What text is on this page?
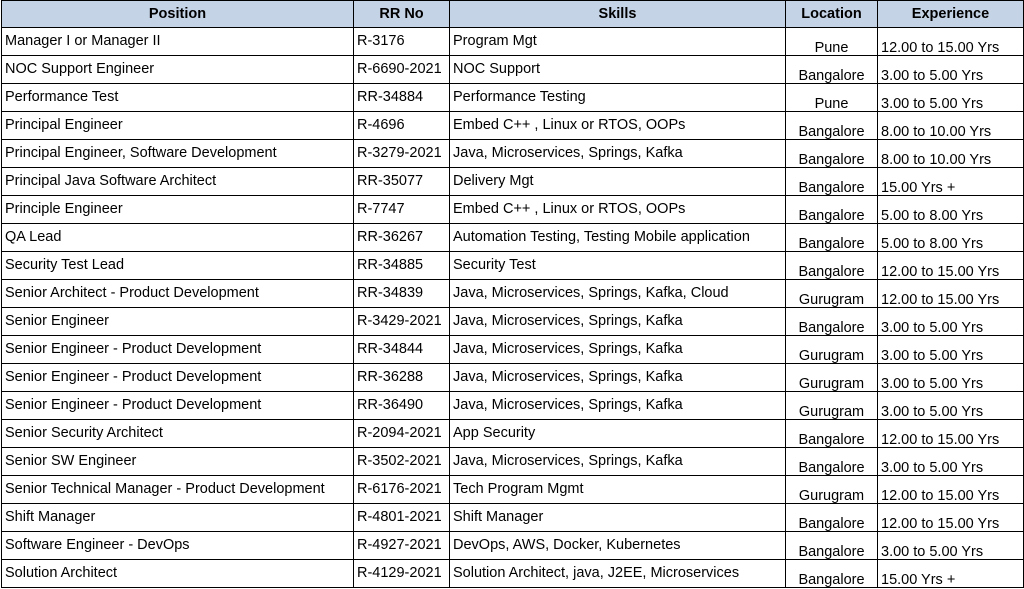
Position	RR No	Skills	Location	Experience
Manager I or Manager II	R-3176	Program Mgt	Pune	12.00 to 15.00 Yrs
NOC Support Engineer	R-6690-2021	NOC Support	Bangalore	3.00 to 5.00 Yrs
Performance Test	RR-34884	Performance Testing	Pune	3.00 to 5.00 Yrs
Principal Engineer	R-4696	Embed C++ , Linux or RTOS, OOPs	Bangalore	8.00 to 10.00 Yrs
Principal Engineer, Software Development	R-3279-2021	Java, Microservices, Springs, Kafka	Bangalore	8.00 to 10.00 Yrs
Principal Java Software Architect	RR-35077	Delivery Mgt	Bangalore	15.00 Yrs +
Principle Engineer	R-7747	Embed C++ , Linux or RTOS, OOPs	Bangalore	5.00 to 8.00 Yrs
QA Lead	RR-36267	Automation Testing, Testing Mobile application	Bangalore	5.00 to 8.00 Yrs
Security Test Lead	RR-34885	Security Test	Bangalore	12.00 to 15.00 Yrs
Senior Architect - Product Development	RR-34839	Java, Microservices, Springs, Kafka, Cloud	Gurugram	12.00 to 15.00 Yrs
Senior Engineer	R-3429-2021	Java, Microservices, Springs, Kafka	Bangalore	3.00 to 5.00 Yrs
Senior Engineer - Product Development	RR-34844	Java, Microservices, Springs, Kafka	Gurugram	3.00 to 5.00 Yrs
Senior Engineer - Product Development	RR-36288	Java, Microservices, Springs, Kafka	Gurugram	3.00 to 5.00 Yrs
Senior Engineer - Product Development	RR-36490	Java, Microservices, Springs, Kafka	Gurugram	3.00 to 5.00 Yrs
Senior Security Architect	R-2094-2021	App Security	Bangalore	12.00 to 15.00 Yrs
Senior SW Engineer	R-3502-2021	Java, Microservices, Springs, Kafka	Bangalore	3.00 to 5.00 Yrs
Senior Technical Manager - Product Development	R-6176-2021	Tech Program Mgmt	Gurugram	12.00 to 15.00 Yrs
Shift Manager	R-4801-2021	Shift Manager	Bangalore	12.00 to 15.00 Yrs
Software Engineer - DevOps	R-4927-2021	DevOps, AWS, Docker, Kubernetes	Bangalore	3.00 to 5.00 Yrs
Solution Architect	R-4129-2021	Solution Architect, java, J2EE, Microservices	Bangalore	15.00 Yrs +
